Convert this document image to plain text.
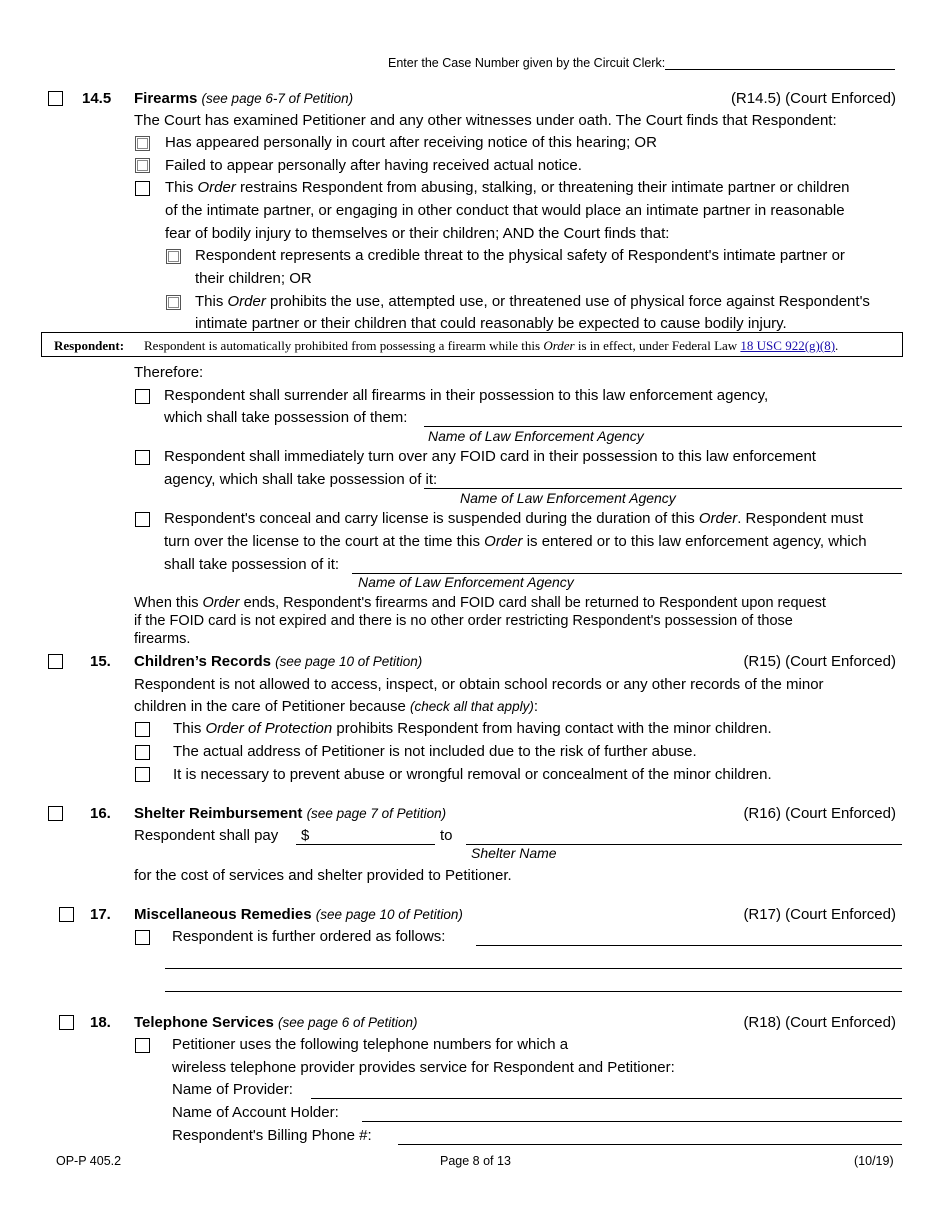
Enter the Case Number given by the Circuit Clerk:
14.5 Firearms (see page 6-7 of Petition)	(R14.5) (Court Enforced)
The Court has examined Petitioner and any other witnesses under oath. The Court finds that Respondent:
Has appeared personally in court after receiving notice of this hearing; OR
Failed to appear personally after having received actual notice.
This Order restrains Respondent from abusing, stalking, or threatening their intimate partner or children
of the intimate partner, or engaging in other conduct that would place an intimate partner in reasonable
fear of bodily injury to themselves or their children; AND the Court finds that:
Respondent represents a credible threat to the physical safety of Respondent's intimate partner or
their children; OR
This Order prohibits the use, attempted use, or threatened use of physical force against Respondent's
intimate partner or their children that could reasonably be expected to cause bodily injury.
Respondent: Respondent is automatically prohibited from possessing a firearm while this Order is in effect, under Federal Law 18 USC 922(g)(8).
Therefore:
Respondent shall surrender all firearms in their possession to this law enforcement agency,
which shall take possession of them:
Name of Law Enforcement Agency
Respondent shall immediately turn over any FOID card in their possession to this law enforcement
agency, which shall take possession of it:
Name of Law Enforcement Agency
Respondent's conceal and carry license is suspended during the duration of this Order. Respondent must
turn over the license to the court at the time this Order is entered or to this law enforcement agency, which
shall take possession of it:
Name of Law Enforcement Agency
When this Order ends, Respondent's firearms and FOID card shall be returned to Respondent upon request
if the FOID card is not expired and there is no other order restricting Respondent's possession of those
firearms.
15. Children’s Records (see page 10 of Petition)	(R15) (Court Enforced)
Respondent is not allowed to access, inspect, or obtain school records or any other records of the minor
children in the care of Petitioner because (check all that apply):
This Order of Protection prohibits Respondent from having contact with the minor children.
The actual address of Petitioner is not included due to the risk of further abuse.
It is necessary to prevent abuse or wrongful removal or concealment of the minor children.
16. Shelter Reimbursement (see page 7 of Petition)	(R16) (Court Enforced)
Respondent shall pay $	to
Shelter Name
for the cost of services and shelter provided to Petitioner.
17. Miscellaneous Remedies (see page 10 of Petition)	(R17) (Court Enforced)
Respondent is further ordered as follows:
18. Telephone Services (see page 6 of Petition)	(R18) (Court Enforced)
Petitioner uses the following telephone numbers for which a
wireless telephone provider provides service for Respondent and Petitioner:
Name of Provider:
Name of Account Holder:
Respondent's Billing Phone #:
OP-P 405.2	Page 8 of 13	(10/19)
